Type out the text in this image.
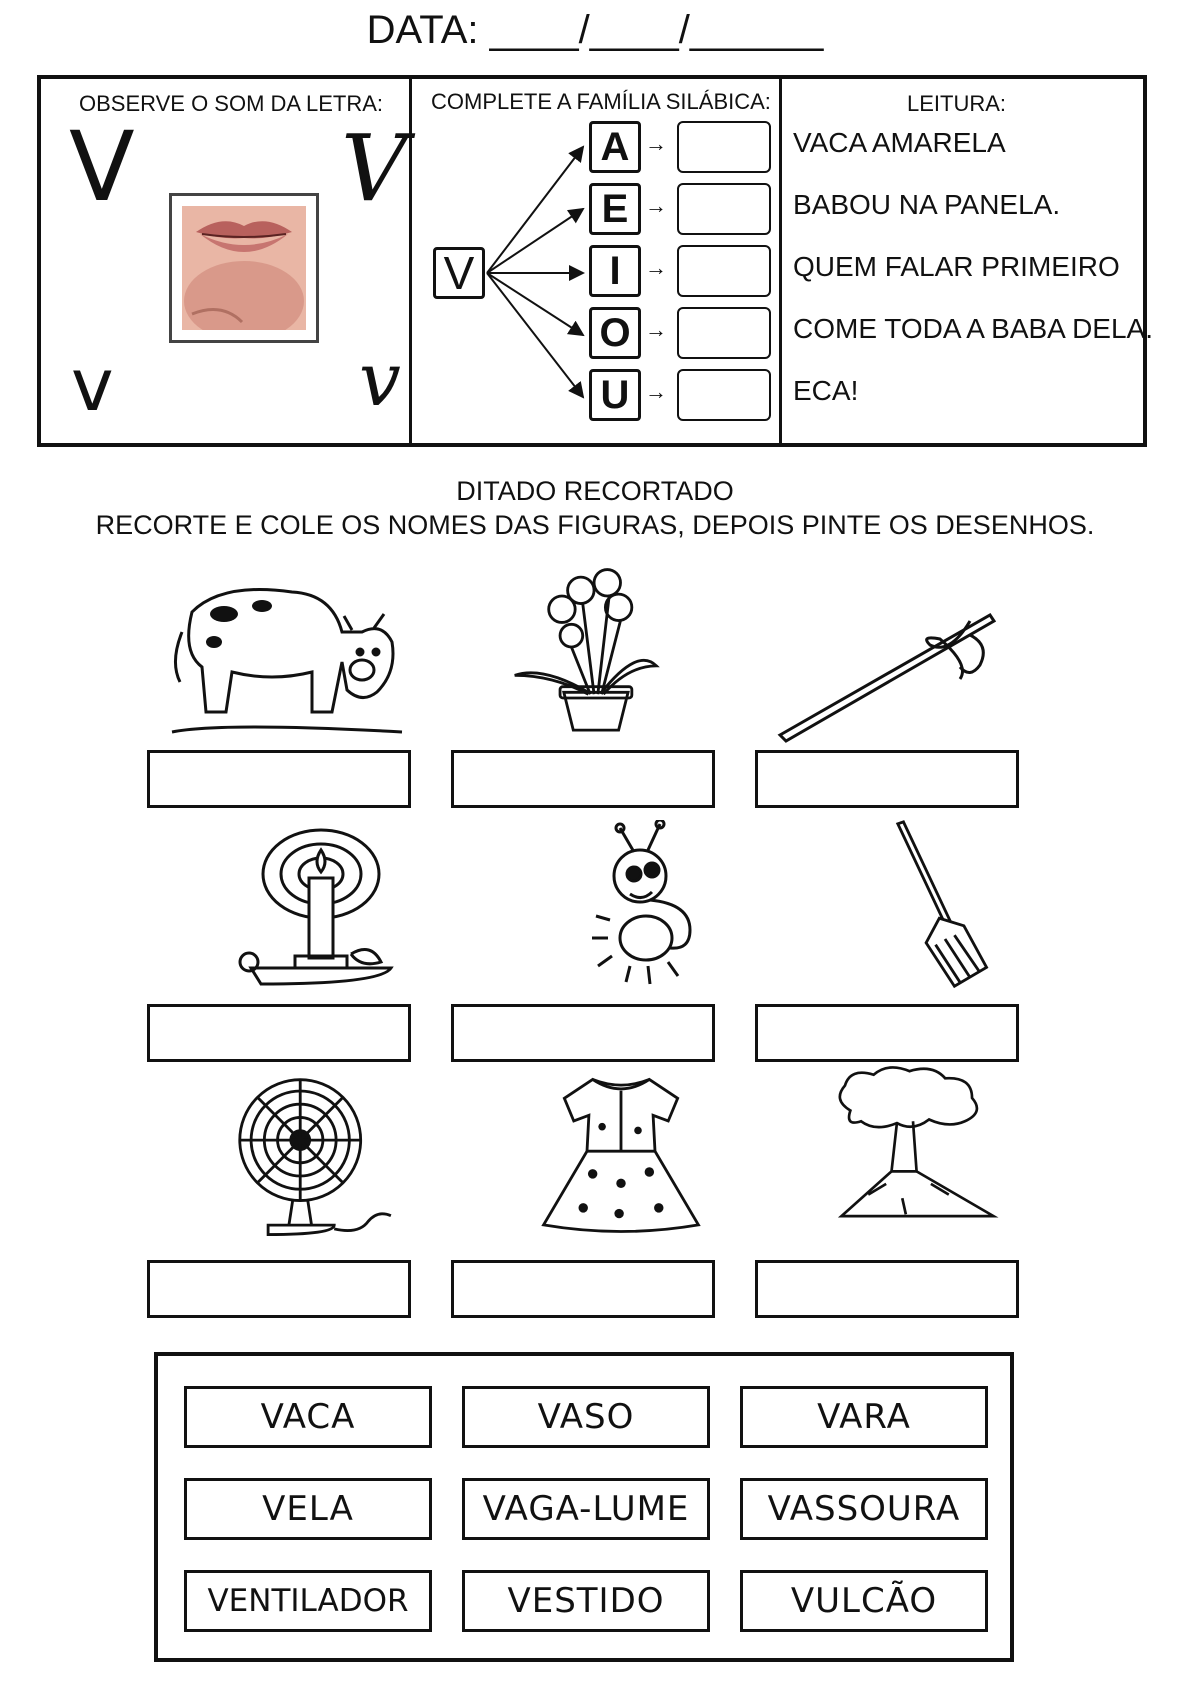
DATA: ____/____/______
OBSERVE O SOM DA LETRA:
V
v
V
v
COMPLETE A FAMÍLIA SILÁBICA:
V
A
E
I
O
U
→
→
→
→
→
LEITURA:
VACA AMARELA
BABOU NA PANELA.
QUEM FALAR PRIMEIRO
COME TODA A BABA DELA.
ECA!
DITADO RECORTADO
RECORTE E COLE OS NOMES DAS FIGURAS, DEPOIS PINTE OS DESENHOS.
VACA	VASO	VARA
VELA	VAGA-LUME	VASSOURA
VENTILADOR	VESTIDO	VULCÃO
